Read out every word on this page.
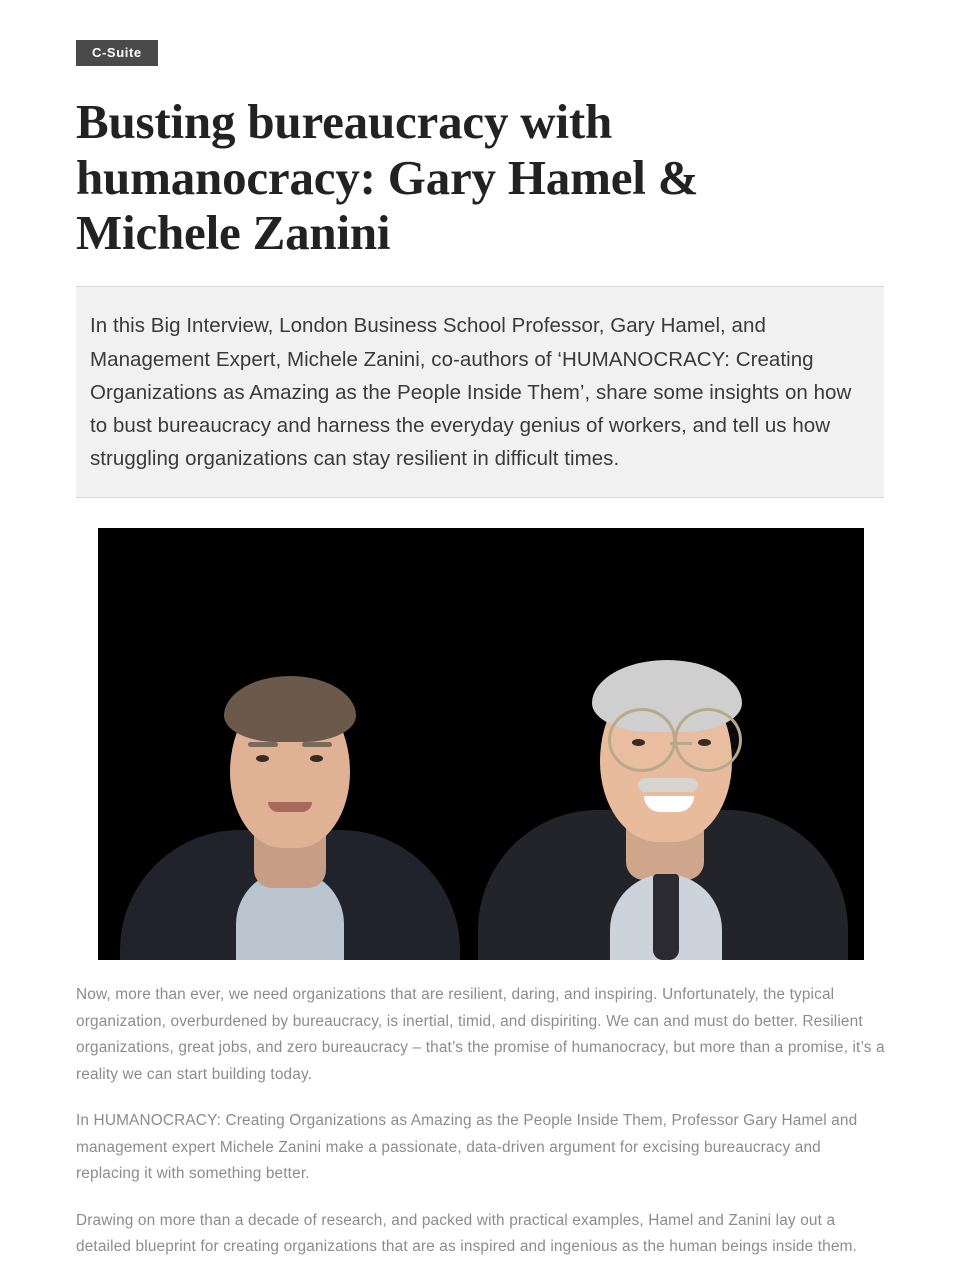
C-Suite
Busting bureaucracy with humanocracy: Gary Hamel & Michele Zanini

In this Big Interview, London Business School Professor, Gary Hamel, and Management Expert, Michele Zanini, co-authors of ‘HUMANOCRACY: Creating Organizations as Amazing as the People Inside Them’, share some insights on how to bust bureaucracy and harness the everyday genius of workers, and tell us how struggling organizations can stay resilient in difficult times.

Now, more than ever, we need organizations that are resilient, daring, and inspiring. Unfortunately, the typical organization, overburdened by bureaucracy, is inertial, timid, and dispiriting. We can and must do better. Resilient organizations, great jobs, and zero bureaucracy – that’s the promise of humanocracy, but more than a promise, it’s a reality we can start building today.

In HUMANOCRACY: Creating Organizations as Amazing as the People Inside Them, Professor Gary Hamel and management expert Michele Zanini make a passionate, data-driven argument for excising bureaucracy and replacing it with something better.

Drawing on more than a decade of research, and packed with practical examples, Hamel and Zanini lay out a detailed blueprint for creating organizations that are as inspired and ingenious as the human beings inside them.
